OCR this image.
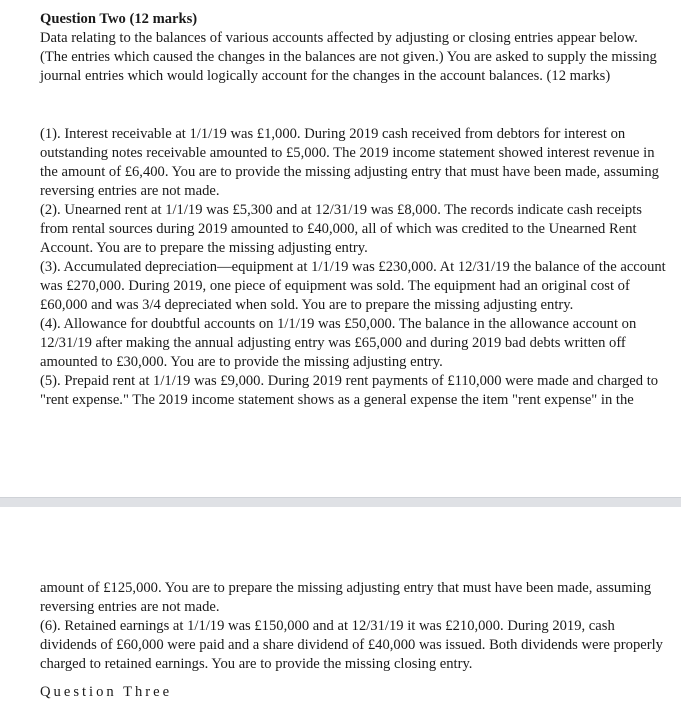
Question Two (12 marks)

Data relating to the balances of various accounts affected by adjusting or closing entries appear below. (The entries which caused the changes in the balances are not given.) You are asked to supply the missing journal entries which would logically account for the changes in the account balances. (12 marks)

(1). Interest receivable at 1/1/19 was £1,000. During 2019 cash received from debtors for interest on outstanding notes receivable amounted to £5,000. The 2019 income statement showed interest revenue in the amount of £6,400. You are to provide the missing adjusting entry that must have been made, assuming reversing entries are not made.

(2). Unearned rent at 1/1/19 was £5,300 and at 12/31/19 was £8,000. The records indicate cash receipts from rental sources during 2019 amounted to £40,000, all of which was credited to the Unearned Rent Account. You are to prepare the missing adjusting entry.

(3). Accumulated depreciation—equipment at 1/1/19 was £230,000. At 12/31/19 the balance of the account was £270,000. During 2019, one piece of equipment was sold. The equipment had an original cost of £60,000 and was 3/4 depreciated when sold. You are to prepare the missing adjusting entry.

(4). Allowance for doubtful accounts on 1/1/19 was £50,000. The balance in the allowance account on 12/31/19 after making the annual adjusting entry was £65,000 and during 2019 bad debts written off amounted to £30,000. You are to provide the missing adjusting entry.

(5). Prepaid rent at 1/1/19 was £9,000. During 2019 rent payments of £110,000 were made and charged to "rent expense." The 2019 income statement shows as a general expense the item "rent expense" in the

amount of £125,000. You are to prepare the missing adjusting entry that must have been made, assuming reversing entries are not made.

(6). Retained earnings at 1/1/19 was £150,000 and at 12/31/19 it was £210,000. During 2019, cash dividends of £60,000 were paid and a share dividend of £40,000 was issued. Both dividends were properly charged to retained earnings. You are to provide the missing closing entry.

Question Three
